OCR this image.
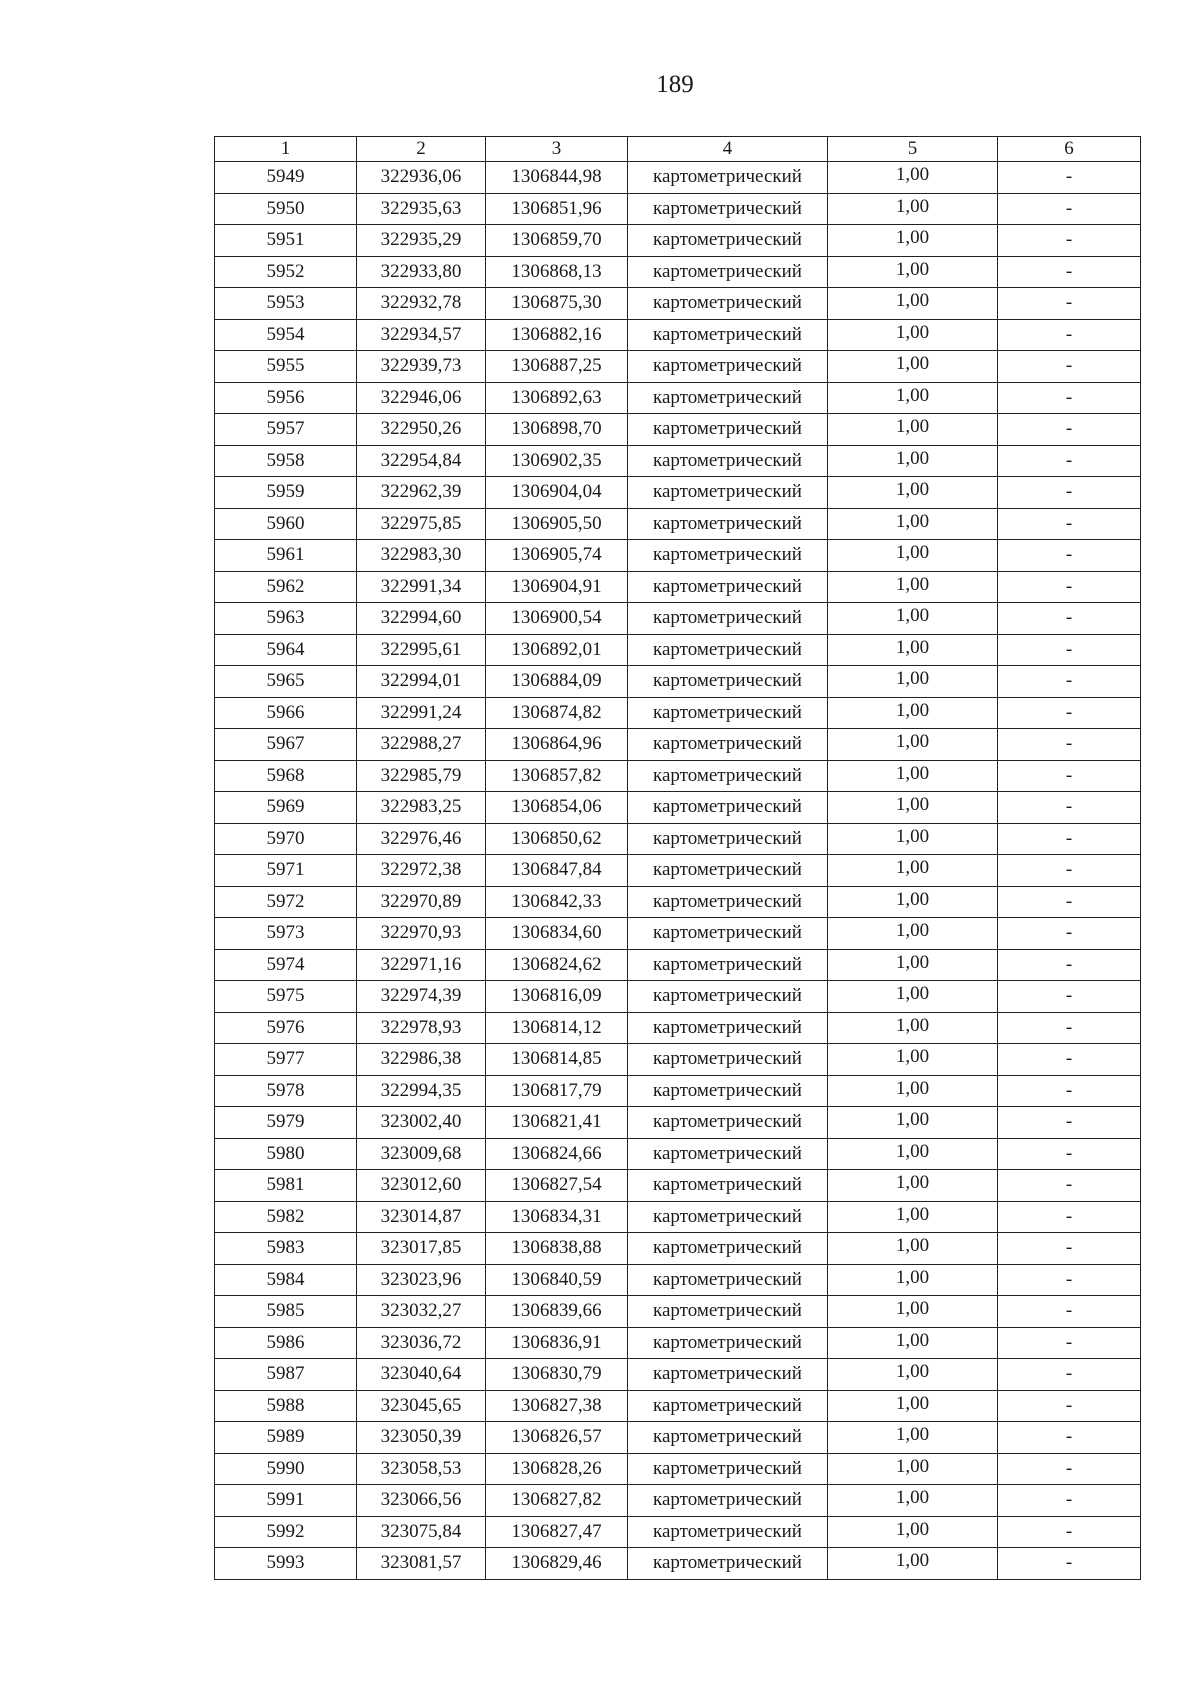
189
1	2	3	4	5	6
5949	322936,06	1306844,98	картометрический	1,00	-
5950	322935,63	1306851,96	картометрический	1,00	-
5951	322935,29	1306859,70	картометрический	1,00	-
5952	322933,80	1306868,13	картометрический	1,00	-
5953	322932,78	1306875,30	картометрический	1,00	-
5954	322934,57	1306882,16	картометрический	1,00	-
5955	322939,73	1306887,25	картометрический	1,00	-
5956	322946,06	1306892,63	картометрический	1,00	-
5957	322950,26	1306898,70	картометрический	1,00	-
5958	322954,84	1306902,35	картометрический	1,00	-
5959	322962,39	1306904,04	картометрический	1,00	-
5960	322975,85	1306905,50	картометрический	1,00	-
5961	322983,30	1306905,74	картометрический	1,00	-
5962	322991,34	1306904,91	картометрический	1,00	-
5963	322994,60	1306900,54	картометрический	1,00	-
5964	322995,61	1306892,01	картометрический	1,00	-
5965	322994,01	1306884,09	картометрический	1,00	-
5966	322991,24	1306874,82	картометрический	1,00	-
5967	322988,27	1306864,96	картометрический	1,00	-
5968	322985,79	1306857,82	картометрический	1,00	-
5969	322983,25	1306854,06	картометрический	1,00	-
5970	322976,46	1306850,62	картометрический	1,00	-
5971	322972,38	1306847,84	картометрический	1,00	-
5972	322970,89	1306842,33	картометрический	1,00	-
5973	322970,93	1306834,60	картометрический	1,00	-
5974	322971,16	1306824,62	картометрический	1,00	-
5975	322974,39	1306816,09	картометрический	1,00	-
5976	322978,93	1306814,12	картометрический	1,00	-
5977	322986,38	1306814,85	картометрический	1,00	-
5978	322994,35	1306817,79	картометрический	1,00	-
5979	323002,40	1306821,41	картометрический	1,00	-
5980	323009,68	1306824,66	картометрический	1,00	-
5981	323012,60	1306827,54	картометрический	1,00	-
5982	323014,87	1306834,31	картометрический	1,00	-
5983	323017,85	1306838,88	картометрический	1,00	-
5984	323023,96	1306840,59	картометрический	1,00	-
5985	323032,27	1306839,66	картометрический	1,00	-
5986	323036,72	1306836,91	картометрический	1,00	-
5987	323040,64	1306830,79	картометрический	1,00	-
5988	323045,65	1306827,38	картометрический	1,00	-
5989	323050,39	1306826,57	картометрический	1,00	-
5990	323058,53	1306828,26	картометрический	1,00	-
5991	323066,56	1306827,82	картометрический	1,00	-
5992	323075,84	1306827,47	картометрический	1,00	-
5993	323081,57	1306829,46	картометрический	1,00	-
